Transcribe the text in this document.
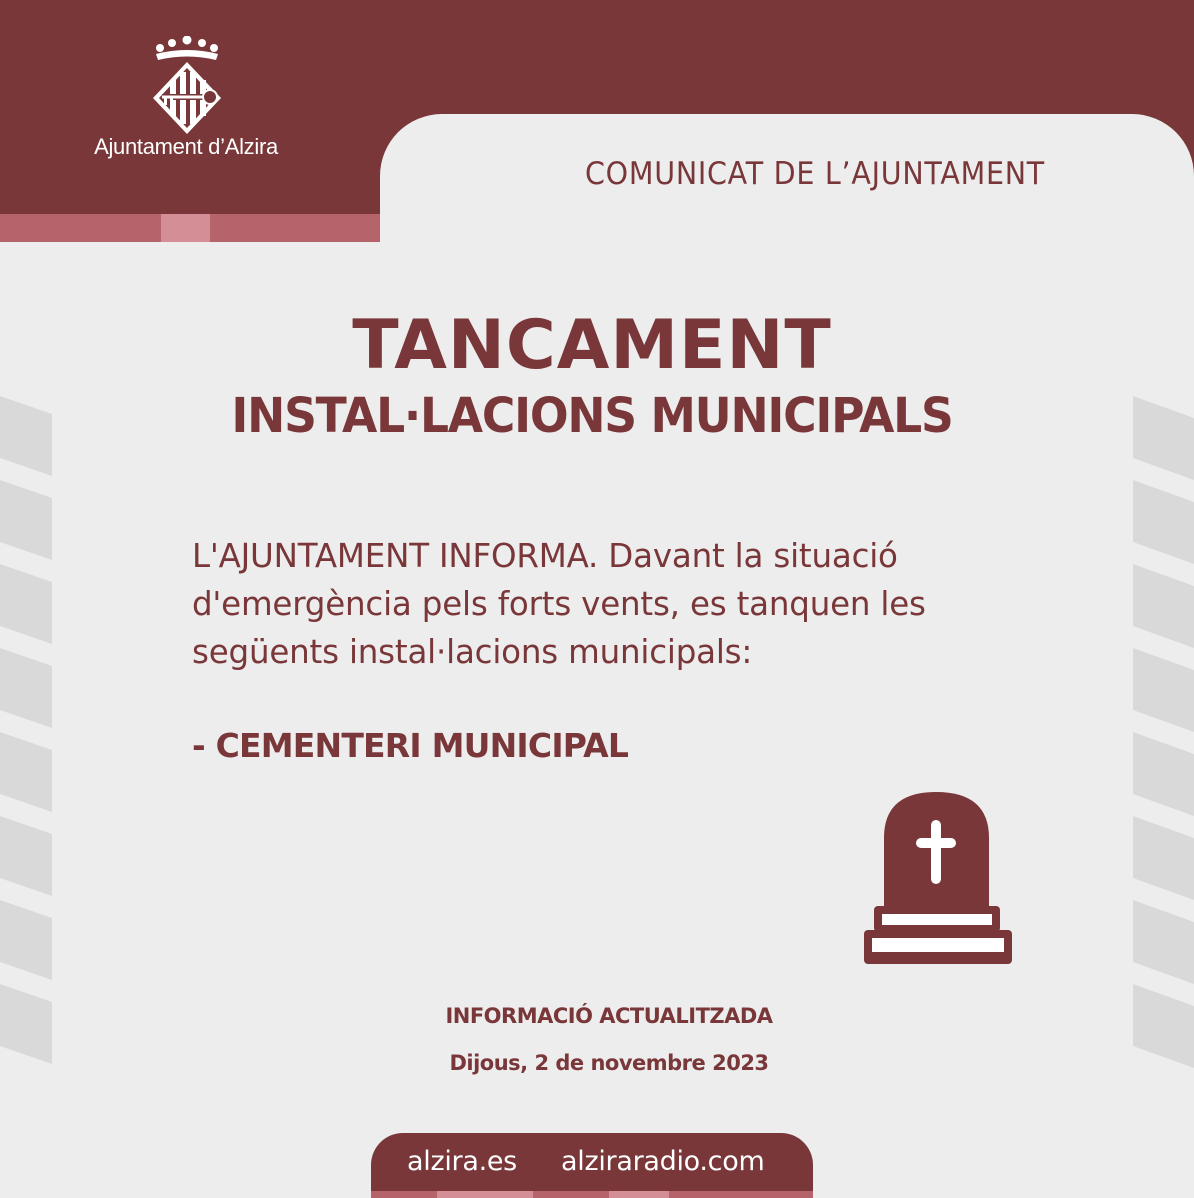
Ajuntament d’Alzira
COMUNICAT DE L’AJUNTAMENT
TANCAMENT
INSTAL·LACIONS MUNICIPALS
L'AJUNTAMENT INFORMA. Davant la situació
d'emergència pels forts vents, es tanquen les
següents instal·lacions municipals:
- CEMENTERI MUNICIPAL
INFORMACIÓ ACTUALITZADA
Dijous, 2 de novembre 2023
alzira.es alziraradio.com
